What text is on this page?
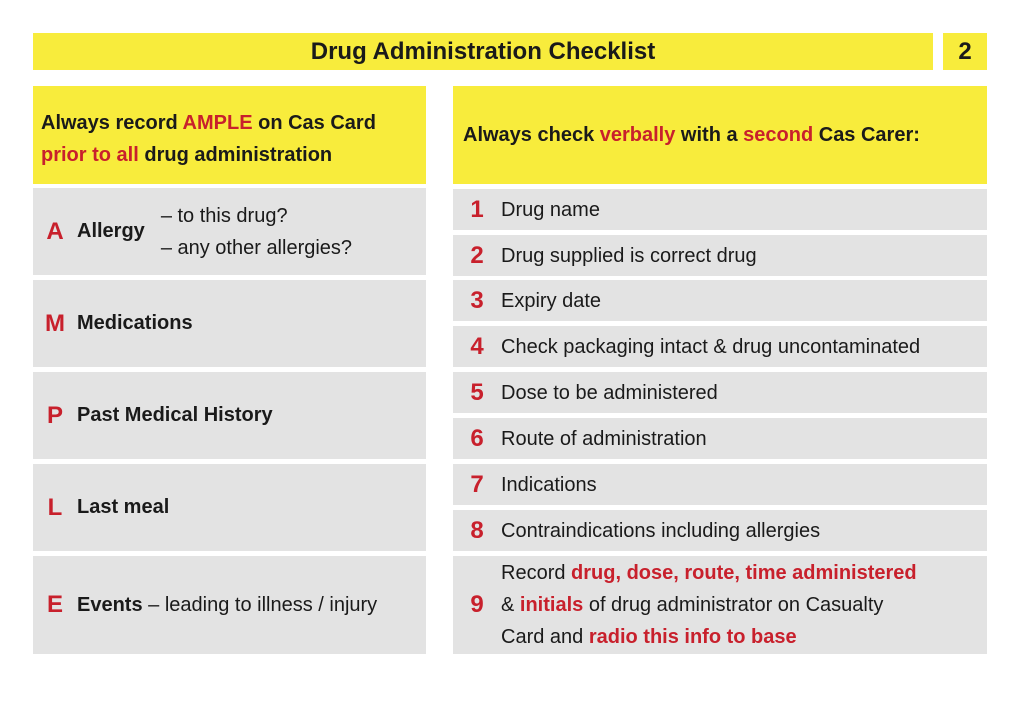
Drug Administration Checklist	2
Always record AMPLE on Cas Card
prior to all drug administration
A Allergy
– to this drug?
– any other allergies?
M Medications
P Past Medical History
L Last meal
E Events – leading to illness / injury
Always check verbally with a second Cas Carer:
1 Drug name
2 Drug supplied is correct drug
3 Expiry date
4 Check packaging intact & drug uncontaminated
5 Dose to be administered
6 Route of administration
7 Indications
8 Contraindications including allergies
9
Record drug, dose, route, time administered
& initials of drug administrator on Casualty
Card and radio this info to base
